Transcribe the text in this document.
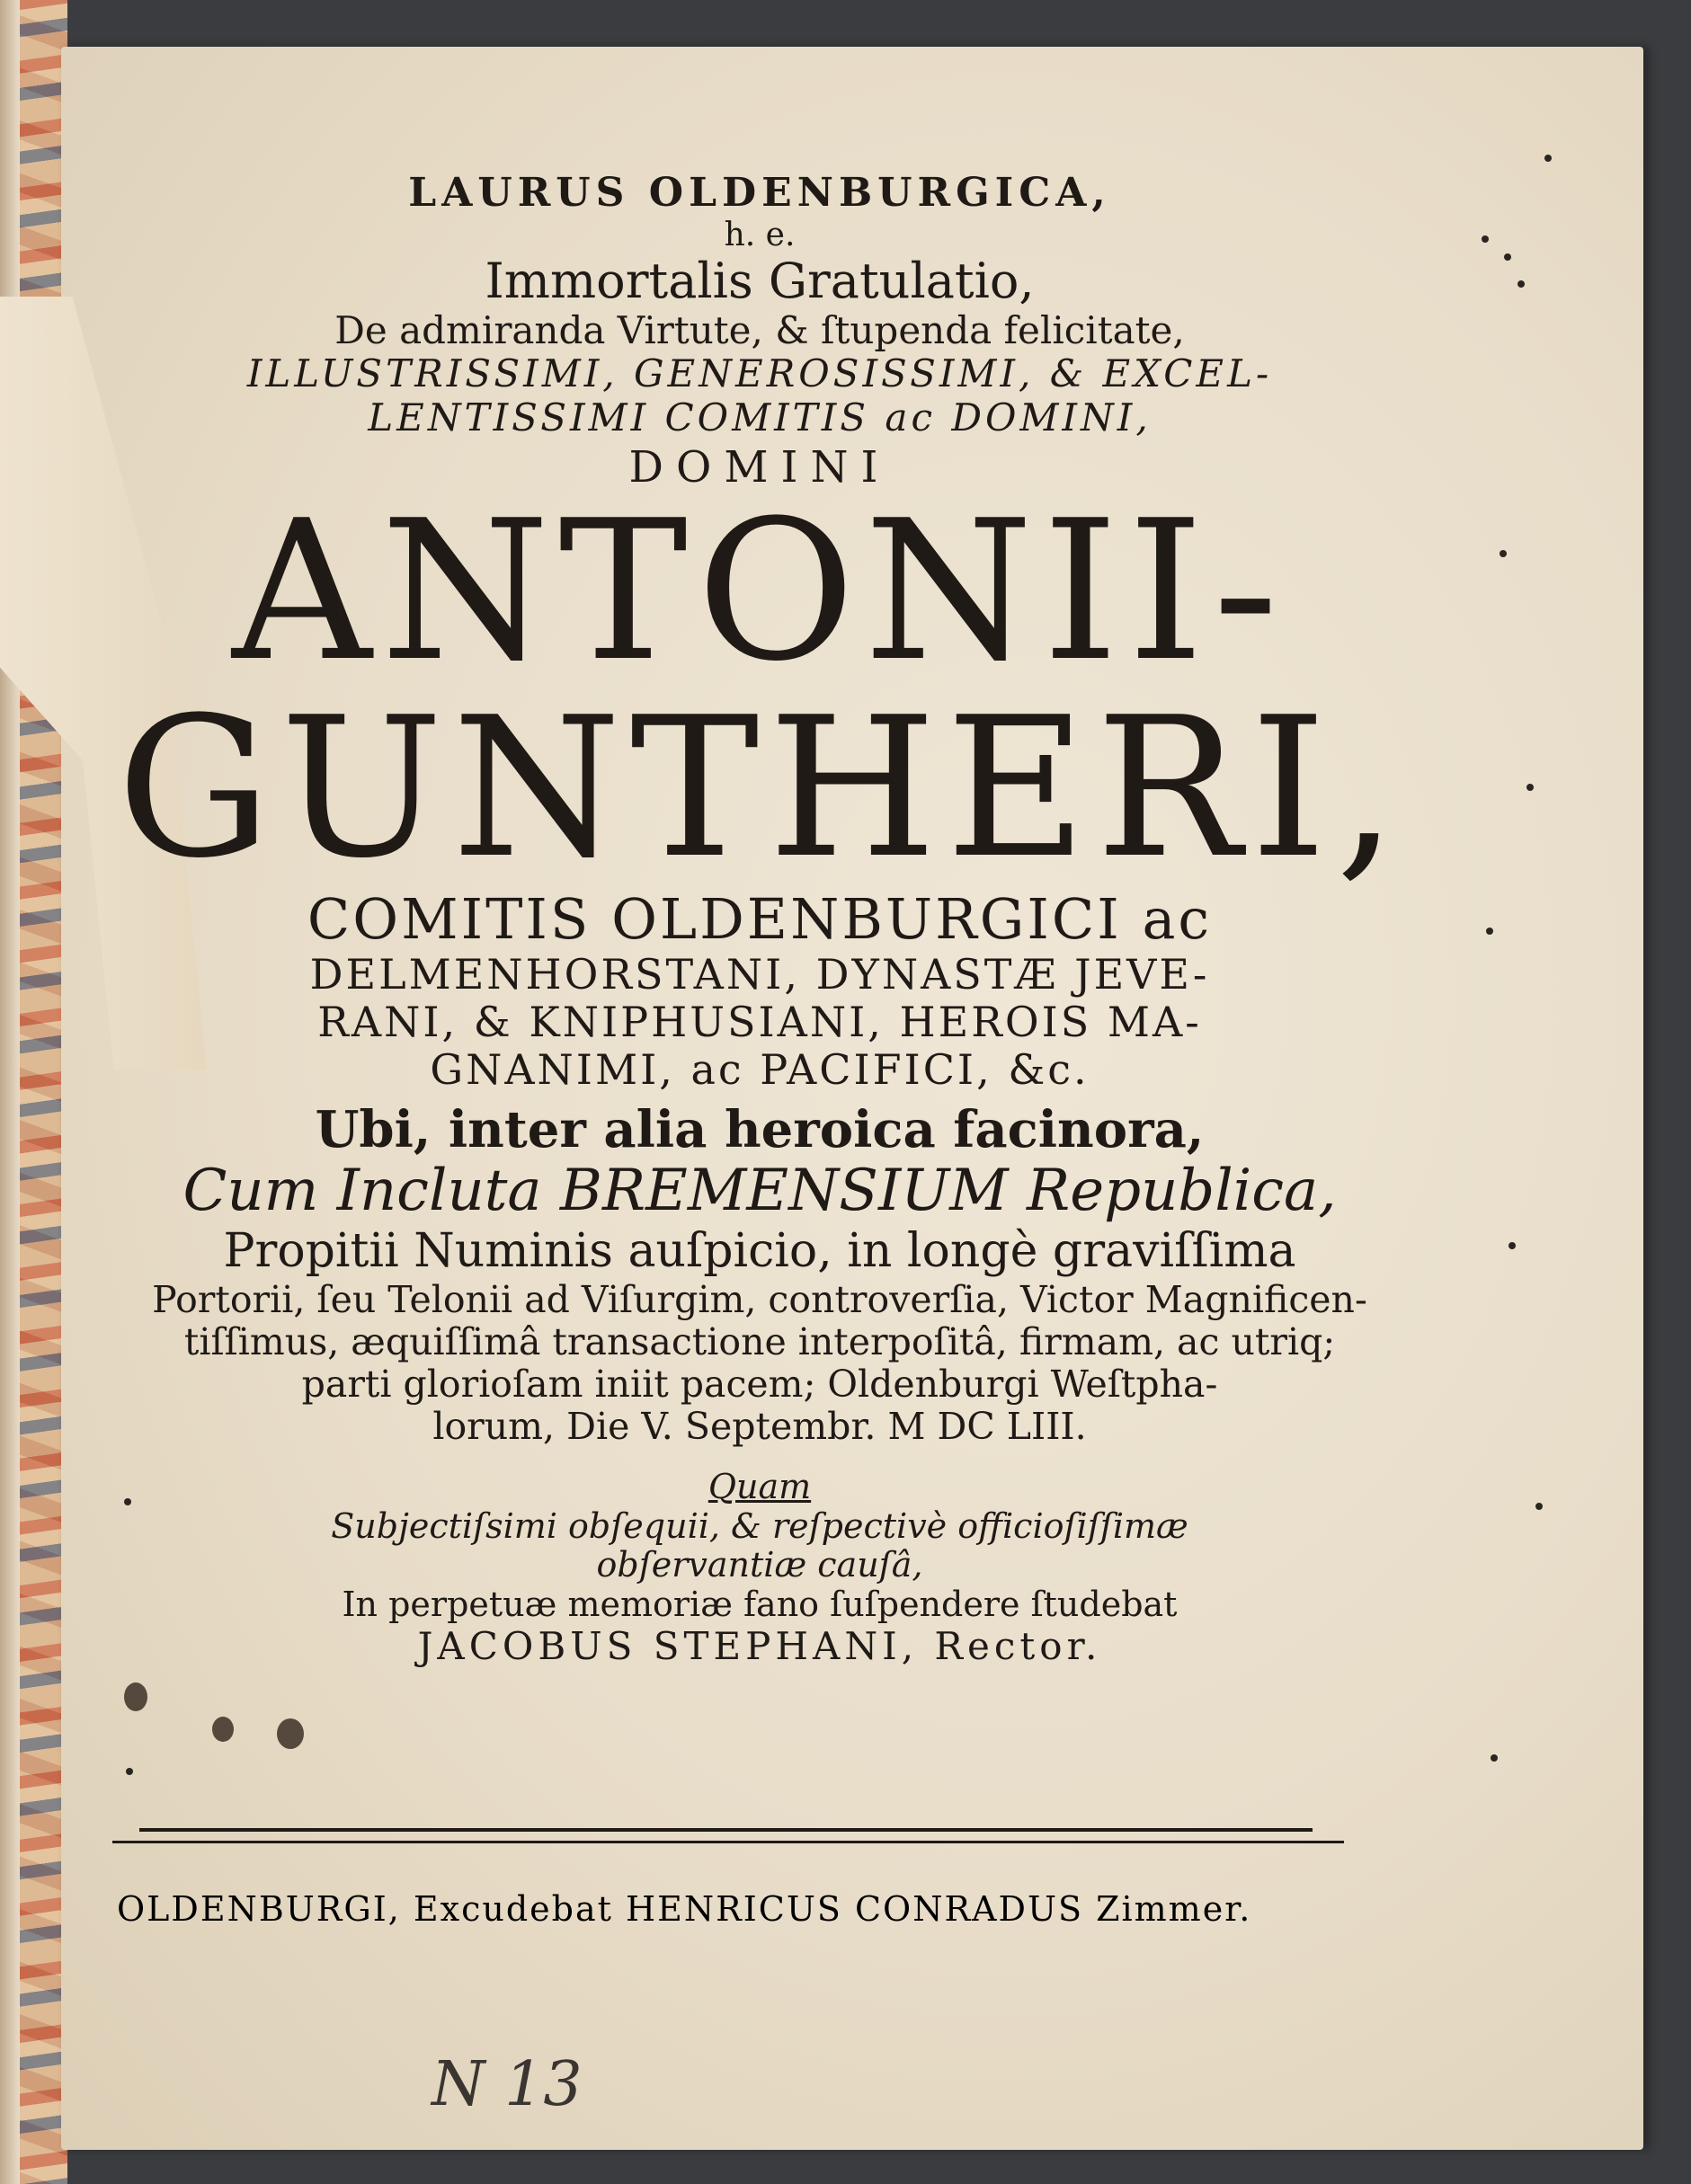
LAURUS OLDENBURGICA,

h. e.

Immortalis Gratulatio,

De admiranda Virtute, & ſtupenda felicitate,

ILLUSTRISSIMI, GENEROSISSIMI, & EXCEL-

LENTISSIMI COMITIS ac DOMINI,

DOMINI

ANTONII-

GUNTHERI,

COMITIS OLDENBURGICI ac

DELMENHORSTANI, DYNASTÆ JEVE-

RANI, & KNIPHUSIANI, HEROIS MA-

GNANIMI, ac PACIFICI, &c.

Ubi, inter alia heroica facinora,

Cum Incluta BREMENSIUM Republica,

Propitii Numinis auſpicio, in longè graviſſima

Portorii, ſeu Telonii ad Viſurgim, controverſia, Victor Magnificen-

tiſſimus, æquiſſimâ transactione interpoſitâ, firmam, ac utriq;

parti glorioſam iniit pacem; Oldenburgi Weſtpha-

lorum, Die V. Septembr. M DC LIII.

Quam

Subjectiſsimi obſequii, & reſpectivè officioſiſſimæ

obſervantiæ cauſâ,

In perpetuæ memoriæ fano ſuſpendere ſtudebat

JACOBUS STEPHANI, Rector.

OLDENBURGI, Excudebat HENRICUS CONRADUS Zimmer.

N 13
